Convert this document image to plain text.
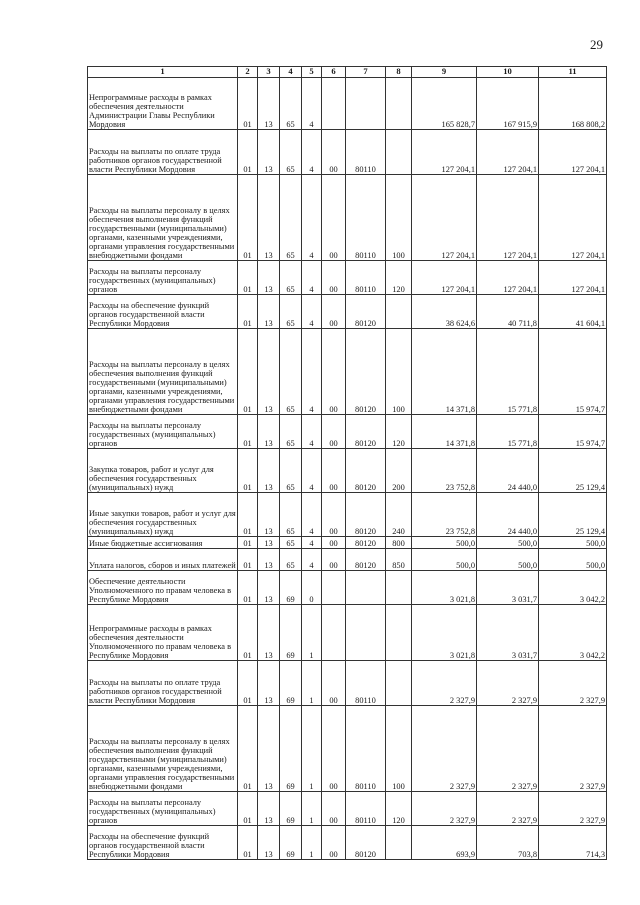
29
1	2	3	4	5	6	7	8	9	10	11
Непрограммные расходы в рамках обеспечения деятельности Администрации Главы Республики Мордовия	01	13	65	4				165 828,7	167 915,9	168 808,2
Расходы на выплаты по оплате труда работников органов государственной власти Республики Мордовия	01	13	65	4	00	80110		127 204,1	127 204,1	127 204,1
Расходы на выплаты персоналу в целях обеспечения выполнения функций государственными (муниципальными) органами, казенными учреждениями, органами управления государственными внебюджетными фондами	01	13	65	4	00	80110	100	127 204,1	127 204,1	127 204,1
Расходы на выплаты персоналу государственных (муниципальных) органов	01	13	65	4	00	80110	120	127 204,1	127 204,1	127 204,1
Расходы на обеспечение функций органов государственной власти Республики Мордовия	01	13	65	4	00	80120		38 624,6	40 711,8	41 604,1
Расходы на выплаты персоналу в целях обеспечения выполнения функций государственными (муниципальными) органами, казенными учреждениями, органами управления государственными внебюджетными фондами	01	13	65	4	00	80120	100	14 371,8	15 771,8	15 974,7
Расходы на выплаты персоналу государственных (муниципальных) органов	01	13	65	4	00	80120	120	14 371,8	15 771,8	15 974,7
Закупка товаров, работ и услуг для обеспечения государственных (муниципальных) нужд	01	13	65	4	00	80120	200	23 752,8	24 440,0	25 129,4
Иные закупки товаров, работ и услуг для обеспечения государственных (муниципальных) нужд	01	13	65	4	00	80120	240	23 752,8	24 440,0	25 129,4
Иные бюджетные ассигнования	01	13	65	4	00	80120	800	500,0	500,0	500,0
Уплата налогов, сборов и иных платежей	01	13	65	4	00	80120	850	500,0	500,0	500,0
Обеспечение деятельности Уполномоченного по правам человека в Республике Мордовия	01	13	69	0				3 021,8	3 031,7	3 042,2
Непрограммные расходы в рамках обеспечения деятельности Уполномоченного по правам человека в Республике Мордовия	01	13	69	1				3 021,8	3 031,7	3 042,2
Расходы на выплаты по оплате труда работников органов государственной власти Республики Мордовия	01	13	69	1	00	80110		2 327,9	2 327,9	2 327,9
Расходы на выплаты персоналу в целях обеспечения выполнения функций государственными (муниципальными) органами, казенными учреждениями, органами управления государственными внебюджетными фондами	01	13	69	1	00	80110	100	2 327,9	2 327,9	2 327,9
Расходы на выплаты персоналу государственных (муниципальных) органов	01	13	69	1	00	80110	120	2 327,9	2 327,9	2 327,9
Расходы на обеспечение функций органов государственной власти Республики Мордовия	01	13	69	1	00	80120		693,9	703,8	714,3
